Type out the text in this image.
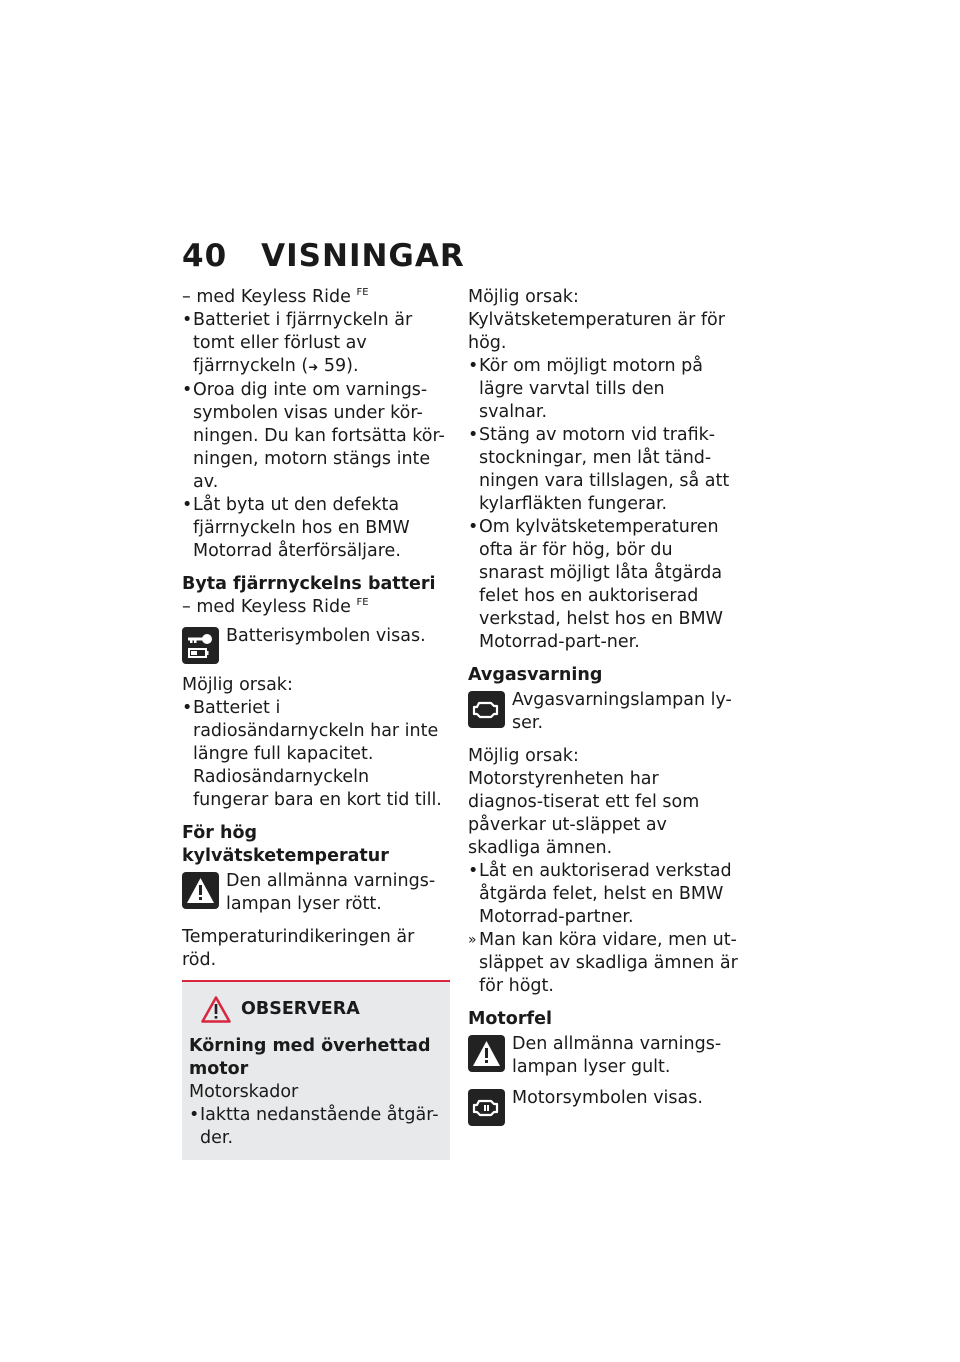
40 VISNINGAR

– med Keyless Ride $^{FE}$

• Batteriet i fjärrnyckeln är tomt eller förlust av fjärrnyckeln (➜ 59).

• Oroa dig inte om varnings-symbolen visas under kör-ningen. Du kan fortsätta kör-ningen, motorn stängs inte av.

• Låt byta ut den defekta fjärrnyckeln hos en BMW Motorrad återförsäljare.

Byta fjärrnyckelns batteri

– med Keyless Ride $^{FE}$

Batterisymbolen visas.

Möjlig orsak:

• Batteriet i radiosändarnyckeln har inte längre full kapacitet. Radiosändarnyckeln fungerar bara en kort tid till.

För hög kylvätsketemperatur

Den allmänna varnings-lampan lyser rött.

Temperaturindikeringen är röd.

OBSERVERA

Körning med överhettad motor

Motorskador

• Iaktta nedanstående åtgär-der.

Möjlig orsak:

Kylvätsketemperaturen är för hög.

• Kör om möjligt motorn på lägre varvtal tills den svalnar.

• Stäng av motorn vid trafik-stockningar, men låt tänd-ningen vara tillslagen, så att kylarfläkten fungerar.

• Om kylvätsketemperaturen ofta är för hög, bör du snarast möjligt låta åtgärda felet hos en auktoriserad verkstad, helst hos en BMW Motorrad-part-ner.

Avgasvarning

Avgasvarningslampan ly-ser.

Möjlig orsak:

Motorstyrenheten har diagnos-tiserat ett fel som påverkar ut-släppet av skadliga ämnen.

• Låt en auktoriserad verkstad åtgärda felet, helst en BMW Motorrad-partner.

» Man kan köra vidare, men ut-släppet av skadliga ämnen är för högt.

Motorfel

Den allmänna varnings-lampan lyser gult.
Motorsymbolen visas.
